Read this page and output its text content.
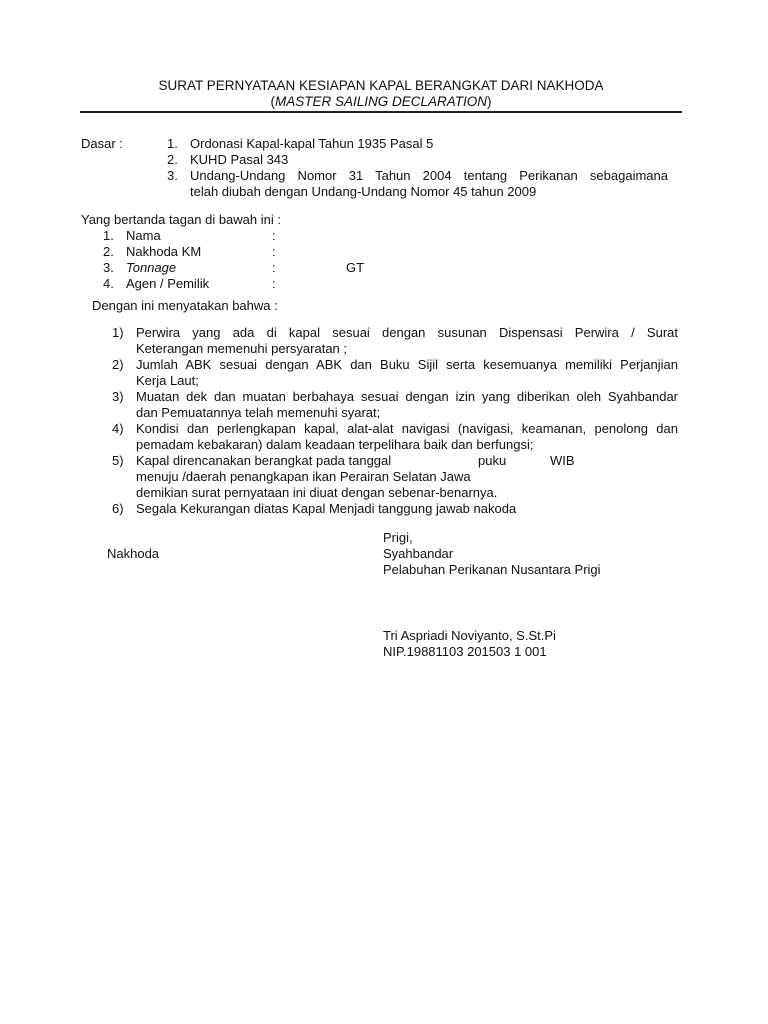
SURAT PERNYATAAN KESIAPAN KAPAL BERANGKAT DARI NAKHODA
(MASTER SAILING DECLARATION)
Dasar :	1. Ordonasi Kapal-kapal Tahun 1935 Pasal 5
2. KUHD Pasal 343
3. Undang-Undang Nomor 31 Tahun 2004 tentang Perikanan sebagaimana
telah diubah dengan Undang-Undang Nomor 45 tahun 2009
Yang bertanda tagan di bawah ini :
1. Nama	:
2. Nakhoda KM	:
3. Tonnage	:	GT
4. Agen / Pemilik	:
Dengan ini menyatakan bahwa :
1) Perwira yang ada di kapal sesuai dengan susunan Dispensasi Perwira / Surat
Keterangan memenuhi persyaratan ;
2) Jumlah ABK sesuai dengan ABK dan Buku Sijil serta kesemuanya memiliki Perjanjian
Kerja Laut;
3) Muatan dek dan muatan berbahaya sesuai dengan izin yang diberikan oleh Syahbandar
dan Pemuatannya telah memenuhi syarat;
4) Kondisi dan perlengkapan kapal, alat-alat navigasi (navigasi, keamanan, penolong dan
pemadam kebakaran) dalam keadaan terpelihara baik dan berfungsi;
5) Kapal direncanakan berangkat pada tanggal	puku	WIB
menuju /daerah penangkapan ikan Perairan Selatan Jawa
demikian surat pernyataan ini diuat dengan sebenar-benarnya.
6) Segala Kekurangan diatas Kapal Menjadi tanggung jawab nakoda
Nakhoda
Prigi,
Syahbandar
Pelabuhan Perikanan Nusantara Prigi
Tri Aspriadi Noviyanto, S.St.Pi
NIP.19881103 201503 1 001
